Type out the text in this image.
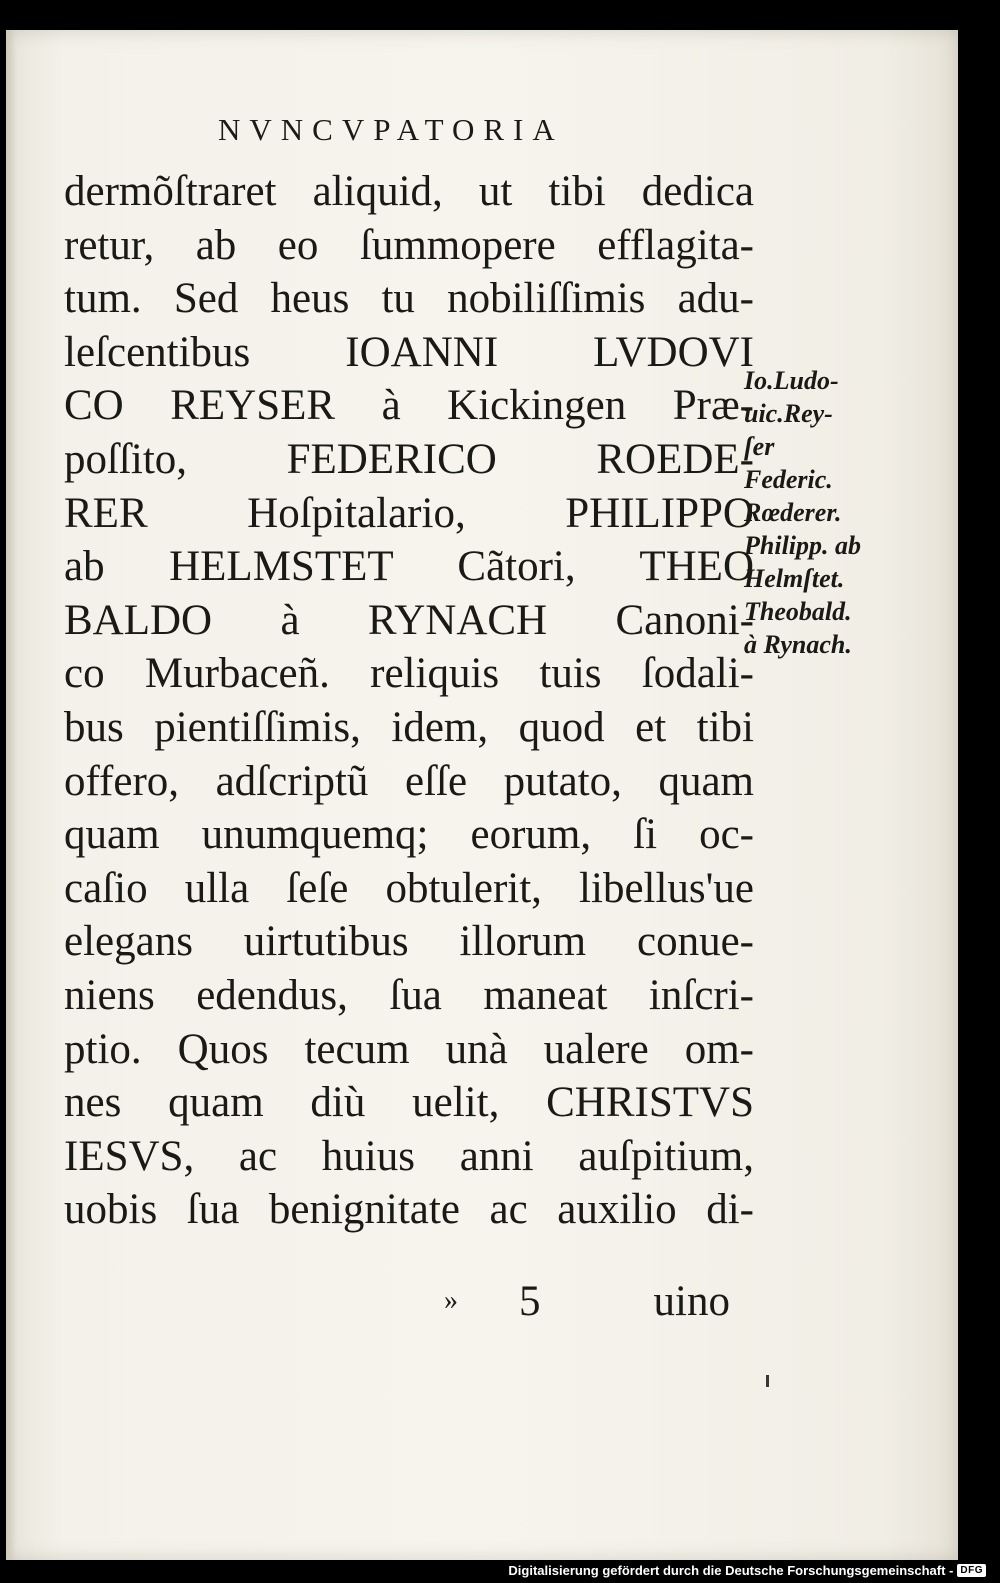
NVNCVPATORIA
dermõſtraret aliquid, ut tibi dedica
retur, ab eo ſummopere efflagita-
tum. Sed heus tu nobiliſſimis adu-
leſcentibus IOANNI LVDOVI
CO REYSER à Kickingen Præ-
poſſito, FEDERICO ROEDE-
RER Hoſpitalario, PHILIPPO
ab HELMSTET Cãtori, THEO
BALDO à RYNACH Canoni-
co Murbaceñ. reliquis tuis ſodali-
bus pientiſſimis, idem, quod et tibi
offero, adſcriptũ eſſe putato, quam
quam unumquemq; eorum, ſi oc-
caſio ulla ſeſe obtulerit, libellus'ue
elegans uirtutibus illorum conue-
niens edendus, ſua maneat inſcri-
ptio. Quos tecum unà ualere om-
nes quam diù uelit, CHRISTVS
IESVS, ac huius anni auſpitium,
uobis ſua benignitate ac auxilio di-
» 5	uino
Io.Ludo-
uic.Rey-
ſer
Federic.
Rœderer.
Philipp. ab
Helmſtet.
Theobald.
à Rynach.
Digitalisierung gefördert durch die Deutsche Forschungsgemeinschaft - DFG
